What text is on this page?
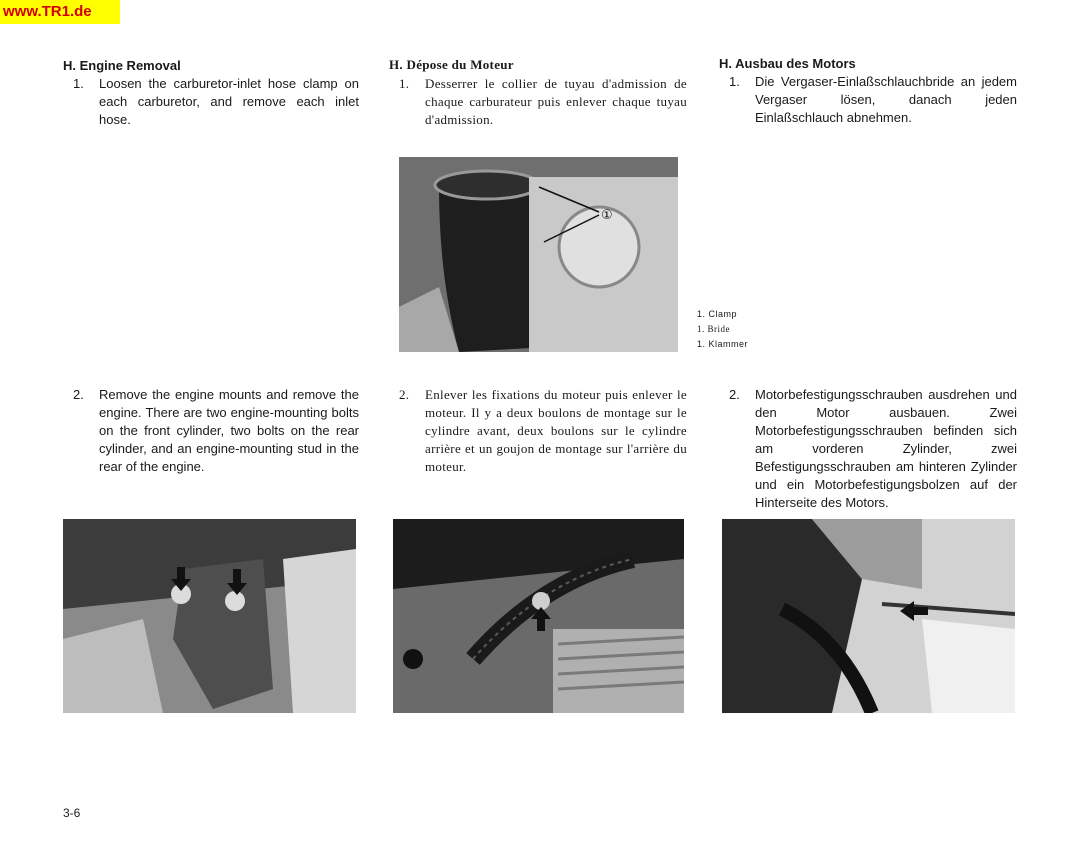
www.TR1.de
H. Engine Removal
1.	Loosen the carburetor-inlet hose clamp on each carburetor, and remove each inlet hose.
2.	Remove the engine mounts and remove the engine. There are two engine-mounting bolts on the front cylinder, two bolts on the rear cylinder, and an engine-mounting stud in the rear of the engine.
H. Dépose du Moteur
1.	Desserrer le collier de tuyau d'admission de chaque carburateur puis enlever chaque tuyau d'admission.
2.	Enlever les fixations du moteur puis enlever le moteur. Il y a deux boulons de montage sur le cylindre avant, deux boulons sur le cylindre arrière et un goujon de montage sur l'arrière du moteur.
H. Ausbau des Motors
1.	Die Vergaser-Einlaßschlauchbride an jedem Vergaser lösen, danach jeden Einlaßschlauch abnehmen.
2.	Motorbefestigungsschrauben ausdrehen und den Motor ausbauen. Zwei Motorbefestigungsschrauben befinden sich am vorderen Zylinder, zwei Befestigungsschrauben am hinteren Zylinder und ein Motorbefestigungsbolzen auf der Hinterseite des Motors.
①
1. Clamp
1. Bride
1. Klammer
3-6
